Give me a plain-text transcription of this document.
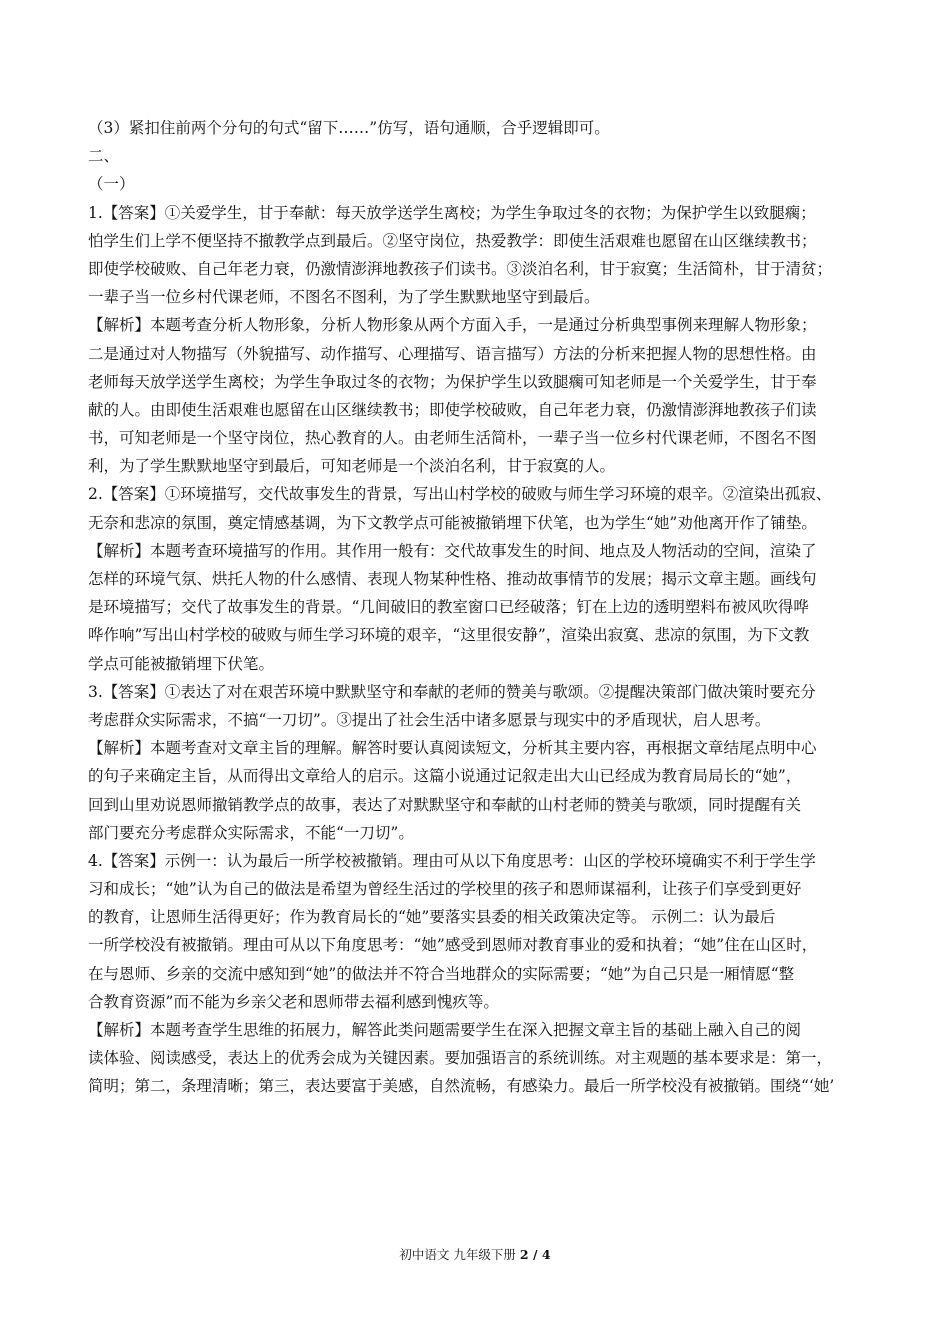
（3）紧扣住前两个分句的句式“留下……”仿写，语句通顺，合乎逻辑即可。
二、
（一）
1.【答案】①关爱学生，甘于奉献：每天放学送学生离校；为学生争取过冬的衣物；为保护学生以致腿瘸；
怕学生们上学不便坚持不撤教学点到最后。②坚守岗位，热爱教学：即使生活艰难也愿留在山区继续教书；
即使学校破败、自己年老力衰，仍激情澎湃地教孩子们读书。③淡泊名利，甘于寂寞；生活简朴，甘于清贫；
一辈子当一位乡村代课老师，不图名不图利，为了学生默默地坚守到最后。
【解析】本题考查分析人物形象，分析人物形象从两个方面入手，一是通过分析典型事例来理解人物形象；
二是通过对人物描写（外貌描写、动作描写、心理描写、语言描写）方法的分析来把握人物的思想性格。由
老师每天放学送学生离校；为学生争取过冬的衣物；为保护学生以致腿瘸可知老师是一个关爱学生，甘于奉
献的人。由即使生活艰难也愿留在山区继续教书；即使学校破败，自己年老力衰，仍激情澎湃地教孩子们读
书，可知老师是一个坚守岗位，热心教育的人。由老师生活简朴，一辈子当一位乡村代课老师，不图名不图
利，为了学生默默地坚守到最后，可知老师是一个淡泊名利，甘于寂寞的人。
2.【答案】①环境描写，交代故事发生的背景，写出山村学校的破败与师生学习环境的艰辛。②渲染出孤寂、
无奈和悲凉的氛围，奠定情感基调，为下文教学点可能被撤销埋下伏笔，也为学生“她”劝他离开作了铺垫。
【解析】本题考查环境描写的作用。其作用一般有：交代故事发生的时间、地点及人物活动的空间，渲染了
怎样的环境气氛、烘托人物的什么感情、表现人物某种性格、推动故事情节的发展；揭示文章主题。画线句
是环境描写；交代了故事发生的背景。“几间破旧的教室窗口已经破落；钉在上边的透明塑料布被风吹得哗
哗作响”写出山村学校的破败与师生学习环境的艰辛，“这里很安静”，渲染出寂寞、悲凉的氛围，为下文教
学点可能被撤销埋下伏笔。
3.【答案】①表达了对在艰苦环境中默默坚守和奉献的老师的赞美与歌颂。②提醒决策部门做决策时要充分
考虑群众实际需求，不搞“一刀切”。③提出了社会生活中诸多愿景与现实中的矛盾现状，启人思考。
【解析】本题考查对文章主旨的理解。解答时要认真阅读短文，分析其主要内容，再根据文章结尾点明中心
的句子来确定主旨，从而得出文章给人的启示。这篇小说通过记叙走出大山已经成为教育局局长的“她”，
回到山里劝说恩师撤销教学点的故事，表达了对默默坚守和奉献的山村老师的赞美与歌颂，同时提醒有关
部门要充分考虑群众实际需求，不能“一刀切”。
4.【答案】示例一：认为最后一所学校被撤销。理由可从以下角度思考：山区的学校环境确实不利于学生学
习和成长；“她”认为自己的做法是希望为曾经生活过的学校里的孩子和恩师谋福利，让孩子们享受到更好
的教育，让恩师生活得更好；作为教育局长的“她”要落实县委的相关政策决定等。 示例二：认为最后
一所学校没有被撤销。理由可从以下角度思考：“她”感受到恩师对教育事业的爱和执着；“她”住在山区时，
在与恩师、乡亲的交流中感知到“她”的做法并不符合当地群众的实际需要；“她”为自己只是一厢情愿“整
合教育资源”而不能为乡亲父老和恩师带去福利感到愧疚等。
【解析】本题考查学生思维的拓展力，解答此类问题需要学生在深入把握文章主旨的基础上融入自己的阅
读体验、阅读感受，表达上的优秀会成为关键因素。要加强语言的系统训练。对主观题的基本要求是：第一，
简明；第二，条理清晰；第三，表达要富于美感，自然流畅，有感染力。最后一所学校没有被撤销。围绕“‘她’
初中语文 九年级下册 2 / 4
